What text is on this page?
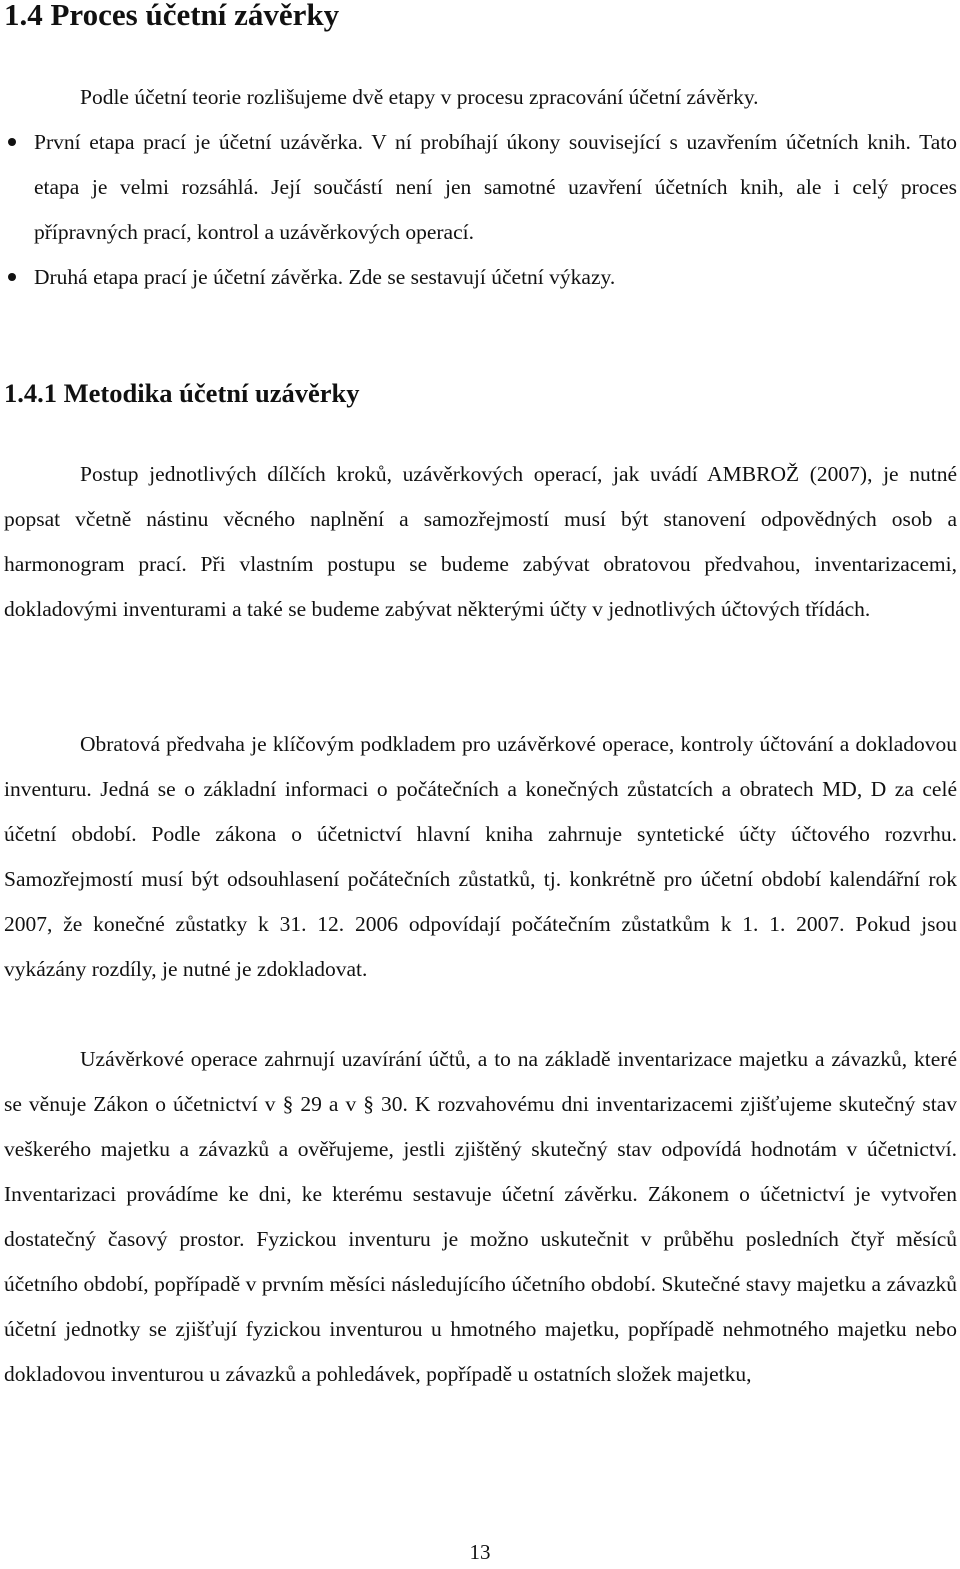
1.4 Proces účetní závěrky

Podle účetní teorie rozlišujeme dvě etapy v procesu zpracování účetní závěrky.

První etapa prací je účetní uzávěrka. V ní probíhají úkony související s uzavřením účetních knih. Tato etapa je velmi rozsáhlá. Její součástí není jen samotné uzavření účetních knih, ale i celý proces přípravných prací, kontrol a uzávěrkových operací.
Druhá etapa prací je účetní závěrka. Zde se sestavují účetní výkazy.
1.4.1 Metodika účetní uzávěrky

Postup jednotlivých dílčích kroků, uzávěrkových operací, jak uvádí AMBROŽ (2007), je nutné popsat včetně nástinu věcného naplnění a samozřejmostí musí být stanovení odpovědných osob a harmonogram prací. Při vlastním postupu se budeme zabývat obratovou předvahou, inventarizacemi, dokladovými inventurami a také se budeme zabývat některými účty v jednotlivých účtových třídách.

Obratová předvaha je klíčovým podkladem pro uzávěrkové operace, kontroly účtování a dokladovou inventuru. Jedná se o základní informaci o počátečních a konečných zůstatcích a obratech MD, D za celé účetní období. Podle zákona o účetnictví hlavní kniha zahrnuje syntetické účty účtového rozvrhu. Samozřejmostí musí být odsouhlasení počátečních zůstatků, tj. konkrétně pro účetní období kalendářní rok 2007, že konečné zůstatky k 31. 12. 2006 odpovídají počátečním zůstatkům k 1. 1. 2007. Pokud jsou vykázány rozdíly, je nutné je zdokladovat.

Uzávěrkové operace zahrnují uzavírání účtů, a to na základě inventarizace majetku a závazků, které se věnuje Zákon o účetnictví v § 29 a v § 30. K rozvahovému dni inventarizacemi zjišťujeme skutečný stav veškerého majetku a závazků a ověřujeme, jestli zjištěný skutečný stav odpovídá hodnotám v účetnictví. Inventarizaci provádíme ke dni, ke kterému sestavuje účetní závěrku. Zákonem o účetnictví je vytvořen dostatečný časový prostor. Fyzickou inventuru je možno uskutečnit v průběhu posledních čtyř měsíců účetního období, popřípadě v prvním měsíci následujícího účetního období. Skutečné stavy majetku a závazků účetní jednotky se zjišťují fyzickou inventurou u hmotného majetku, popřípadě nehmotného majetku nebo dokladovou inventurou u závazků a pohledávek, popřípadě u ostatních složek majetku,

13
